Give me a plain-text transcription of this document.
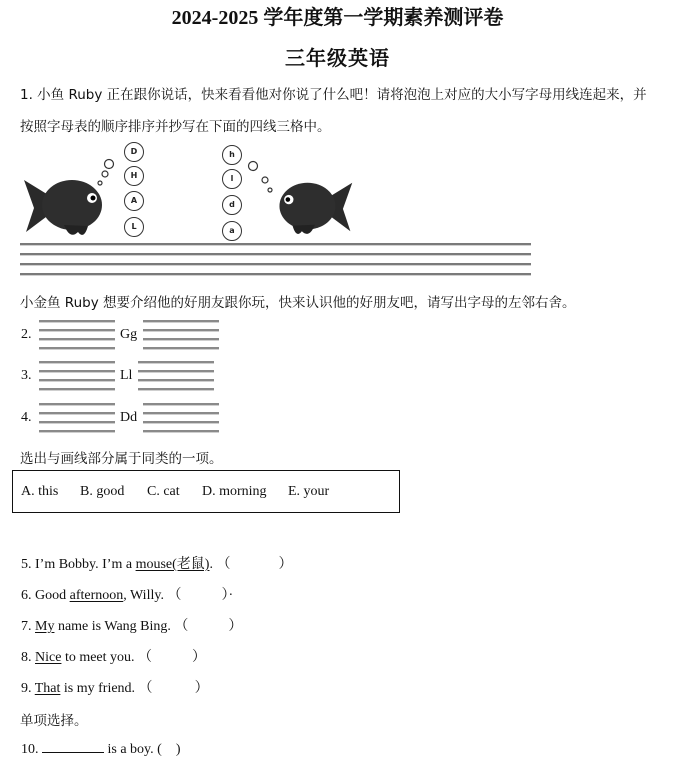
2024-2025 学年度第一学期素养测评卷
三年级英语
1. 小鱼 Ruby 正在跟你说话，快来看看他对你说了什么吧！请将泡泡上对应的大小写字母用线连起来，并
按照字母表的顺序排序并抄写在下面的四线三格中。
D
H
A
L
h
l
d
a
小金鱼 Ruby 想要介绍他的好朋友跟你玩，快来认识他的好朋友吧，请写出字母的左邻右舍。
2.	Gg
3.	Ll
4.	Dd
选出与画线部分属于同类的一项。
A. this B. good C. cat D. morning E. your
5. I’m Bobby. I’m a mouse(老鼠). （	）
6. Good afternoon, Willy. （	）·
7. My name is Wang Bing. （	）
8. Nice to meet you. （	）
9. That is my friend. （	）
单项选择。
10.	is a boy. ( )
